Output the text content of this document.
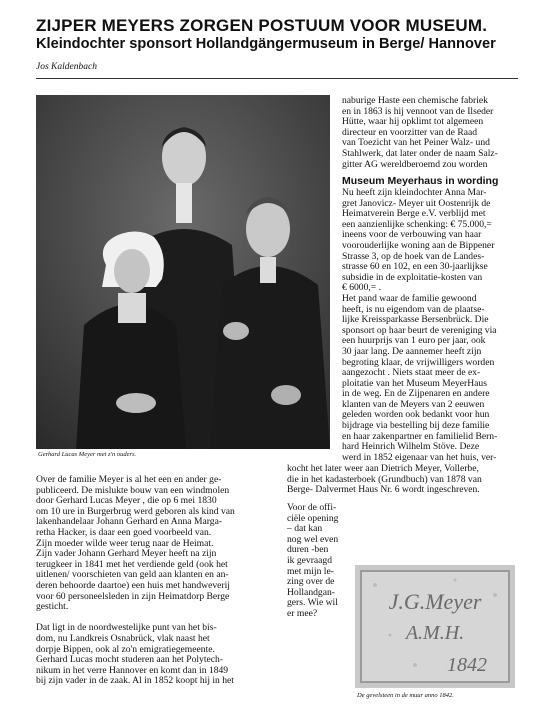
ZIJPER MEYERS ZORGEN POSTUUM VOOR MUSEUM.
Kleindochter sponsort Hollandgängermuseum in Berge/ Hannover
Jos Kaldenbach
Gerhard Lucas Meyer met z'n ouders.
naburige Haste een chemische fabriek
en in 1863 is hij vennoot van de Ilseder
Hütte, waar hij opklimt tot algemeen
directeur en voorzitter van de Raad
van Toezicht van het Peiner Walz- und
Stahlwerk, dat later onder de naam Salz-
gitter AG wereldberoemd zou worden
Museum Meyerhaus in wording
Nu heeft zijn kleindochter Anna Mar-
gret Janovicz- Meyer uit Oostenrijk de
Heimatverein Berge e.V. verblijd met
een aanzienlijke schenking: € 75.000,=
ineens voor de verbouwing van haar
voorouderlijke woning aan de Bippener
Strasse 3, op de hoek van de Landes-
strasse 60 en 102, en een 30-jaarlijkse
subsidie in de exploitatie-kosten van
€ 6000,= .
Het pand waar de familie gewoond
heeft, is nu eigendom van de plaatse-
lijke Kreissparkasse Bersenbrück. Die
sponsort op haar beurt de vereniging via
een huurprijs van 1 euro per jaar, ook
30 jaar lang. De aannemer heeft zijn
begroting klaar, de vrijwilligers worden
aangezocht . Niets staat meer de ex-
ploitatie van het Museum MeyerHaus
in de weg. En de Zijpenaren en andere
klanten van de Meyers van 2 eeuwen
geleden worden ook bedankt voor hun
bijdrage via bestelling bij deze familie
en haar zakenpartner en familielid Bern-
hard Heinrich Wilhelm Stöve. Deze
werd in 1852 eigenaar van het huis, ver-
kocht het later weer aan Dietrich Meyer, Vollerbe,
die in het kadasterboek (Grundbuch) van 1878 van
Berge- Dalvermet Haus Nr. 6 wordt ingeschreven.
Over de familie Meyer is al het een en ander ge-
publiceerd. De mislukte bouw van een windmolen
door Gerhard Lucas Meyer , die op 6 mei 1830
om 10 ure in Burgerbrug werd geboren als kind van
lakenhandelaar Johann Gerhard en Anna Marga-
retha Hacker, is daar een goed voorbeeld van.
Zijn moeder wilde weer terug naar de Heimat.
Zijn vader Johann Gerhard Meyer heeft na zijn
terugkeer in 1841 met het verdiende geld (ook het
uitlenen/ voorschieten van geld aan klanten en an-
deren behoorde daartoe) een huis met handweverij
voor 60 personeelsleden in zijn Heimatdorp Berge
gesticht.
Dat ligt in de noordwestelijke punt van het bis-
dom, nu Landkreis Osnabrück, vlak naast het
dorpje Bippen, ook al zo'n emigratiegemeente.
Gerhard Lucas mocht studeren aan het Polytech-
nikum in het verre Hannover en komt dan in 1849
bij zijn vader in de zaak. Al in 1852 koopt hij in het
Voor de offi-
ciële opening
– dat kan
nog wel even
duren -ben
ik gevraagd
met mijn le-
zing over de
Hollandgan-
gers. Wie wil
er mee?	J.G.Meyer
A.M.H.
1842
De gevelsteen in de muur anno 1842.
